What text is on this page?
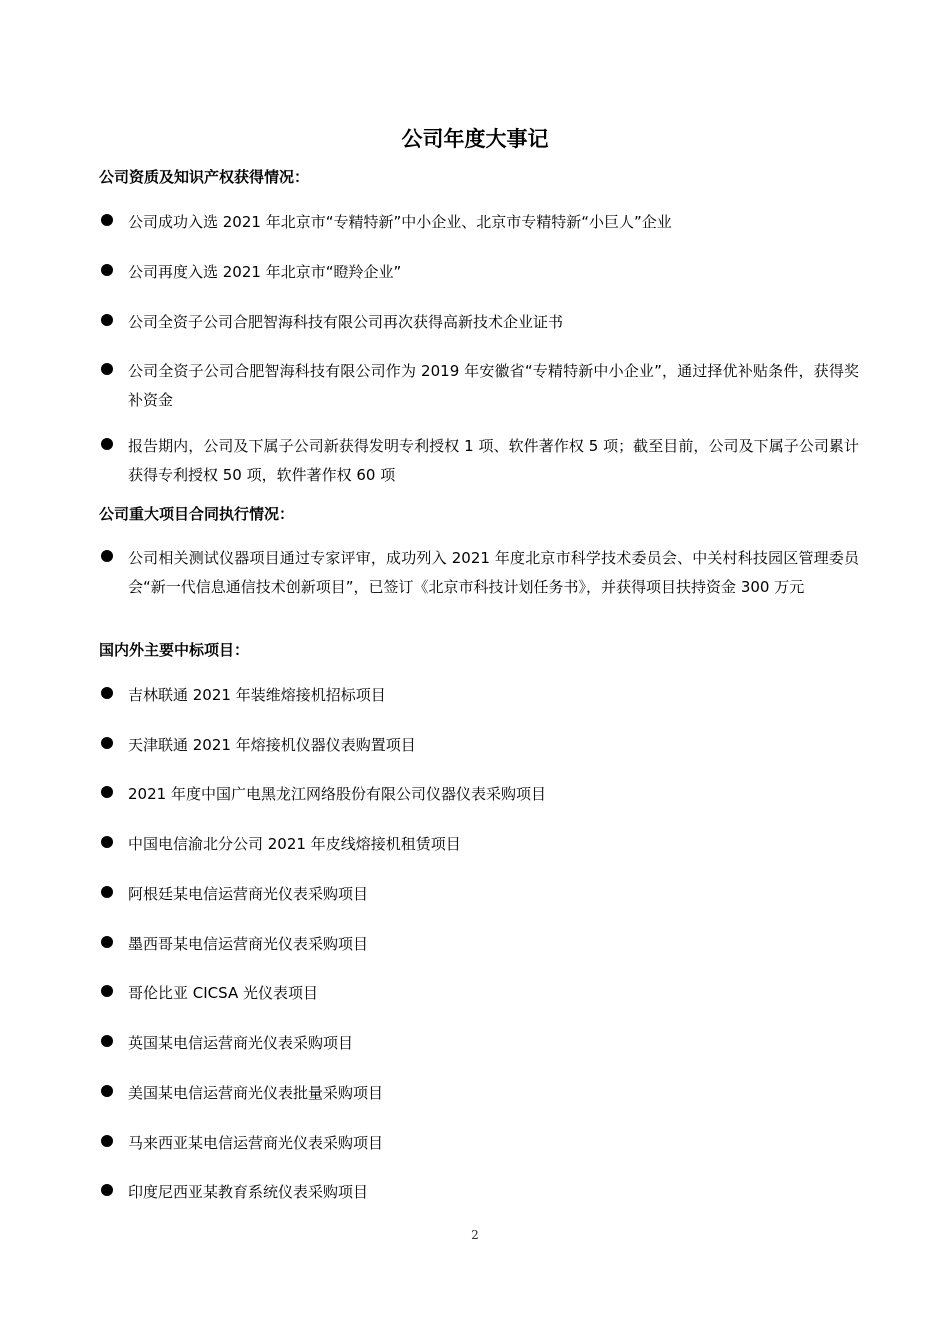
公司年度大事记
公司资质及知识产权获得情况：
公司成功入选 2021 年北京市“专精特新”中小企业、北京市专精特新“小巨人”企业
公司再度入选 2021 年北京市“瞪羚企业”
公司全资子公司合肥智海科技有限公司再次获得高新技术企业证书
公司全资子公司合肥智海科技有限公司作为 2019 年安徽省“专精特新中小企业”，通过择优补贴条件，获得奖补资金
报告期内，公司及下属子公司新获得发明专利授权 1 项、软件著作权 5 项；截至目前，公司及下属子公司累计获得专利授权 50 项，软件著作权 60 项
公司重大项目合同执行情况：
公司相关测试仪器项目通过专家评审，成功列入 2021 年度北京市科学技术委员会、中关村科技园区管理委员会“新一代信息通信技术创新项目”，已签订《北京市科技计划任务书》，并获得项目扶持资金 300 万元
国内外主要中标项目：
吉林联通 2021 年装维熔接机招标项目
天津联通 2021 年熔接机仪器仪表购置项目
2021 年度中国广电黑龙江网络股份有限公司仪器仪表采购项目
中国电信渝北分公司 2021 年皮线熔接机租赁项目
阿根廷某电信运营商光仪表采购项目
墨西哥某电信运营商光仪表采购项目
哥伦比亚 CICSA 光仪表项目
英国某电信运营商光仪表采购项目
美国某电信运营商光仪表批量采购项目
马来西亚某电信运营商光仪表采购项目
印度尼西亚某教育系统仪表采购项目
2
